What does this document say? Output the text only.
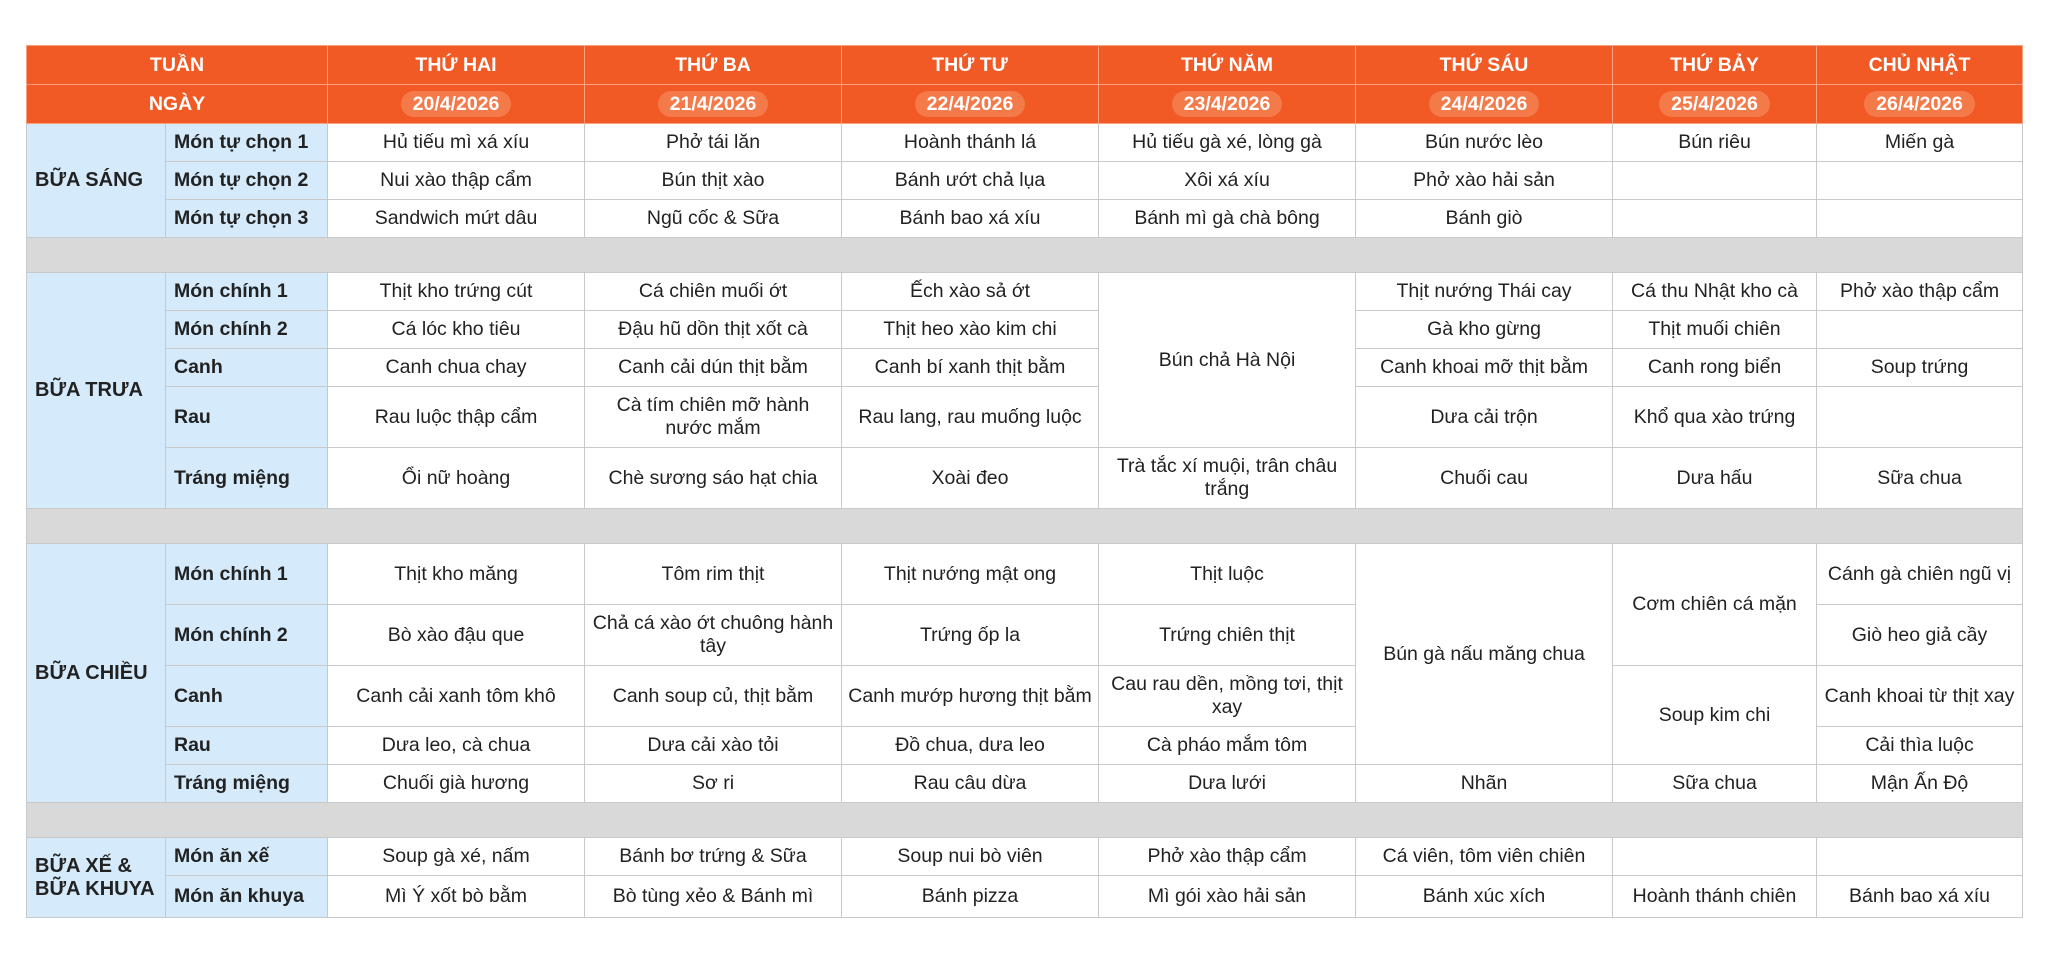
TUẦN		THỨ HAI	THỨ BA	THỨ TƯ	THỨ NĂM	THỨ SÁU	THỨ BẢY	CHỦ NHẬT
NGÀY		20/4/2026	21/4/2026	22/4/2026	23/4/2026	24/4/2026	25/4/2026	26/4/2026
BỮA SÁNG	Món tự chọn 1	Hủ tiếu mì xá xíu	Phở tái lăn	Hoành thánh lá	Hủ tiếu gà xé, lòng gà	Bún nước lèo	Bún riêu	Miến gà
	Món tự chọn 2	Nui xào thập cẩm	Bún thịt xào	Bánh ướt chả lụa	Xôi xá xíu	Phở xào hải sản		
	Món tự chọn 3	Sandwich mứt dâu	Ngũ cốc & Sữa	Bánh bao xá xíu	Bánh mì gà chà bông	Bánh giò		

BỮA TRƯA	Món chính 1	Thịt kho trứng cút	Cá chiên muối ớt	Ếch xào sả ớt	Bún chả Hà Nội	Thịt nướng Thái cay	Cá thu Nhật kho cà	Phở xào thập cẩm
	Món chính 2	Cá lóc kho tiêu	Đậu hũ dồn thịt xốt cà	Thịt heo xào kim chi		Gà kho gừng	Thịt muối chiên	
	Canh	Canh chua chay	Canh cải dún thịt bằm	Canh bí xanh thịt bằm		Canh khoai mỡ thịt bằm	Canh rong biển	Soup trứng
	Rau	Rau luộc thập cẩm	Cà tím chiên mỡ hành nước mắm	Rau lang, rau muống luộc		Dưa cải trộn	Khổ qua xào trứng	
	Tráng miệng	Ổi nữ hoàng	Chè sương sáo hạt chia	Xoài đeo	Trà tắc xí muội, trân châu trắng	Chuối cau	Dưa hấu	Sữa chua

BỮA CHIỀU	Món chính 1	Thịt kho măng	Tôm rim thịt	Thịt nướng mật ong	Thịt luộc	Bún gà nấu măng chua	Cơm chiên cá mặn	Cánh gà chiên ngũ vị
	Món chính 2	Bò xào đậu que	Chả cá xào ớt chuông hành tây	Trứng ốp la	Trứng chiên thịt			Giò heo giả cầy
	Canh	Canh cải xanh tôm khô	Canh soup củ, thịt bằm	Canh mướp hương thịt bằm	Cau rau dền, mồng tơi, thịt xay		Soup kim chi	Canh khoai từ thịt xay
	Rau	Dưa leo, cà chua	Dưa cải xào tỏi	Đồ chua, dưa leo	Cà pháo mắm tôm			Cải thìa luộc
	Tráng miệng	Chuối già hương	Sơ ri	Rau câu dừa	Dưa lưới	Nhãn	Sữa chua	Mận Ấn Độ

BỮA XẾ & BỮA KHUYA	Món ăn xế	Soup gà xé, nấm	Bánh bơ trứng & Sữa	Soup nui bò viên	Phở xào thập cẩm	Cá viên, tôm viên chiên		
	Món ăn khuya	Mì Ý xốt bò bằm	Bò tùng xẻo & Bánh mì	Bánh pizza	Mì gói xào hải sản	Bánh xúc xích	Hoành thánh chiên	Bánh bao xá xíu
